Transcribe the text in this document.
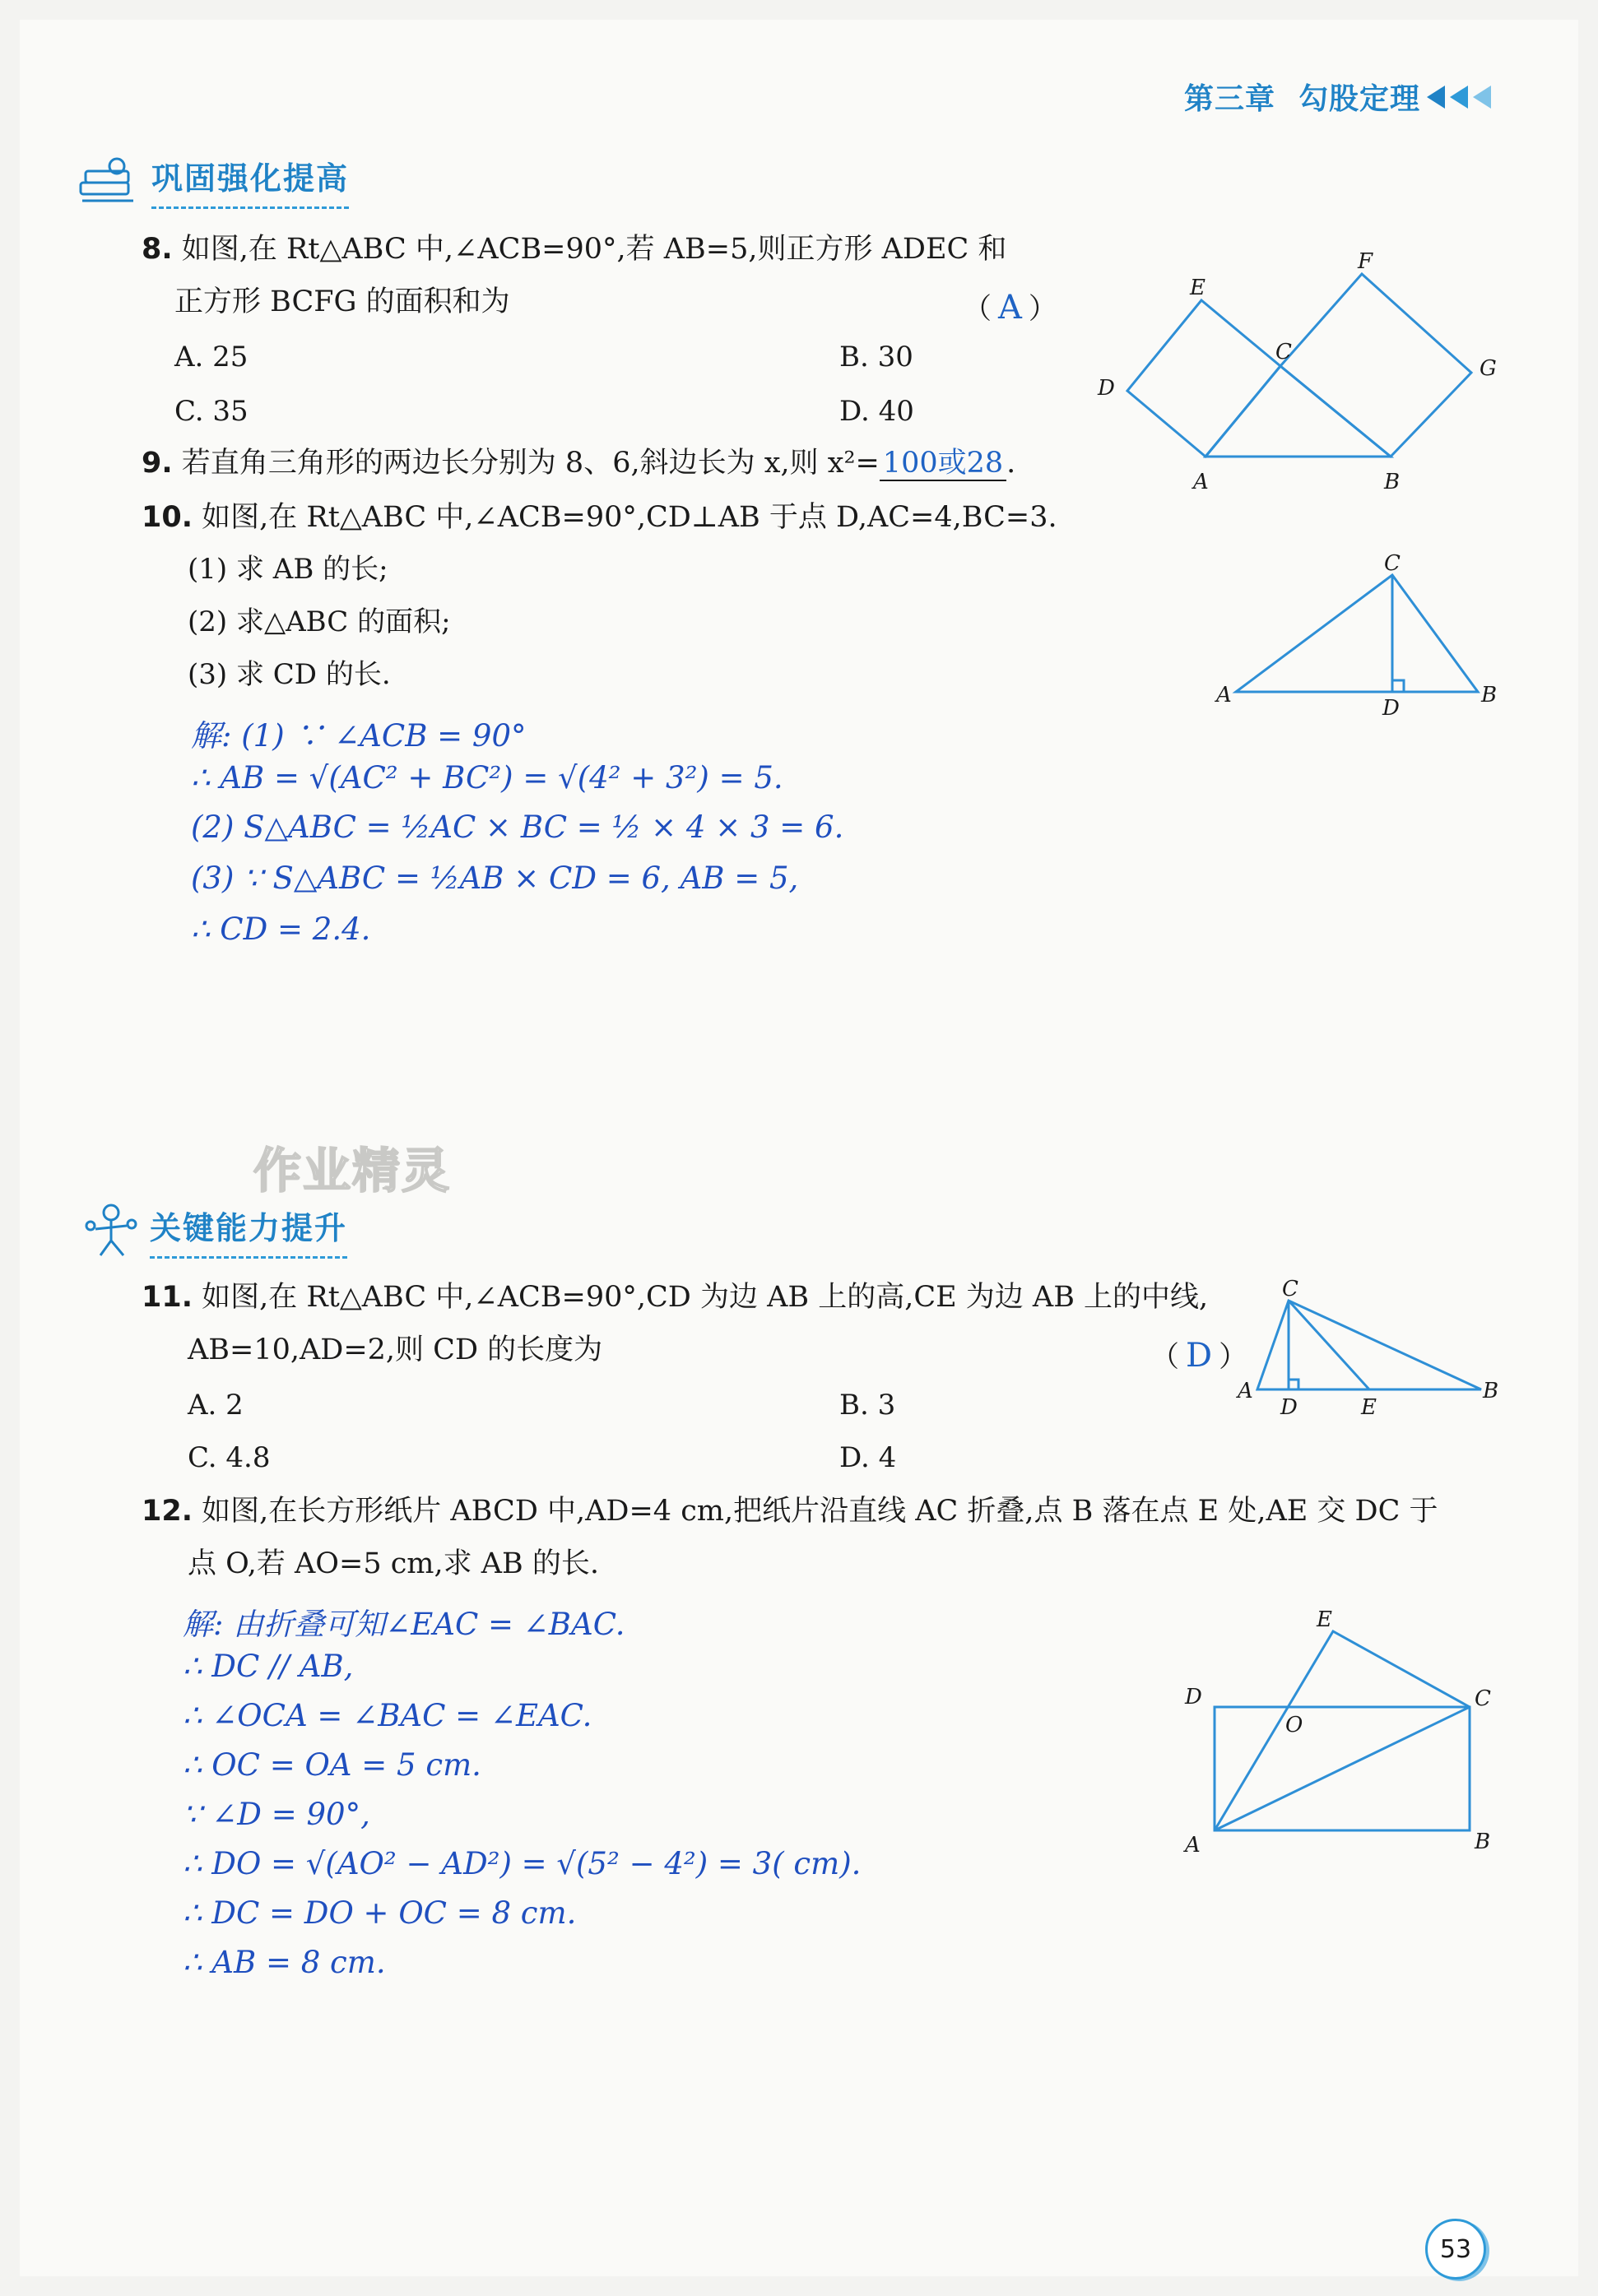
第三章 勾股定理
巩固强化提高
8. 如图,在 Rt△ABC 中,∠ACB=90°,若 AB=5,则正方形 ADEC 和
正方形 BCFG 的面积和为	（ A ）
A. 25	B. 30
C. 35	D. 40
E
F
C
G
D
A	B
9. 若直角三角形的两边长分别为 8、6,斜边长为 x,则 x²= 100或28 .
10. 如图,在 Rt△ABC 中,∠ACB=90°,CD⊥AB 于点 D,AC=4,BC=3.
(1) 求 AB 的长;
(2) 求△ABC 的面积;
(3) 求 CD 的长.
C
A
D
B
解: (1) ∵ ∠ACB = 90°
∴ AB = √(AC² + BC²) = √(4² + 3²) = 5.
(2) S△ABC = ½AC × BC = ½ × 4 × 3 = 6.
(3) ∵ S△ABC = ½AB × CD = 6, AB = 5,
∴ CD = 2.4.
作业精灵
关键能力提升
11. 如图,在 Rt△ABC 中,∠ACB=90°,CD 为边 AB 上的高,CE 为边 AB 上的中线,
AB=10,AD=2,则 CD 的长度为	（ D ）
A. 2	B. 3
C. 4.8	D. 4
C
A
D	E
B
12. 如图,在长方形纸片 ABCD 中,AD=4 cm,把纸片沿直线 AC 折叠,点 B 落在点 E 处,AE 交 DC 于
点 O,若 AO=5 cm,求 AB 的长.
解: 由折叠可知∠EAC = ∠BAC.
∴ DC // AB,
∴ ∠OCA = ∠BAC = ∠EAC.
∴ OC = OA = 5 cm.
∵ ∠D = 90°,
∴ DO = √(AO² − AD²) = √(5² − 4²) = 3( cm).
∴ DC = DO + OC = 8 cm.
∴ AB = 8 cm.
E
D
O
C
A	B
53
